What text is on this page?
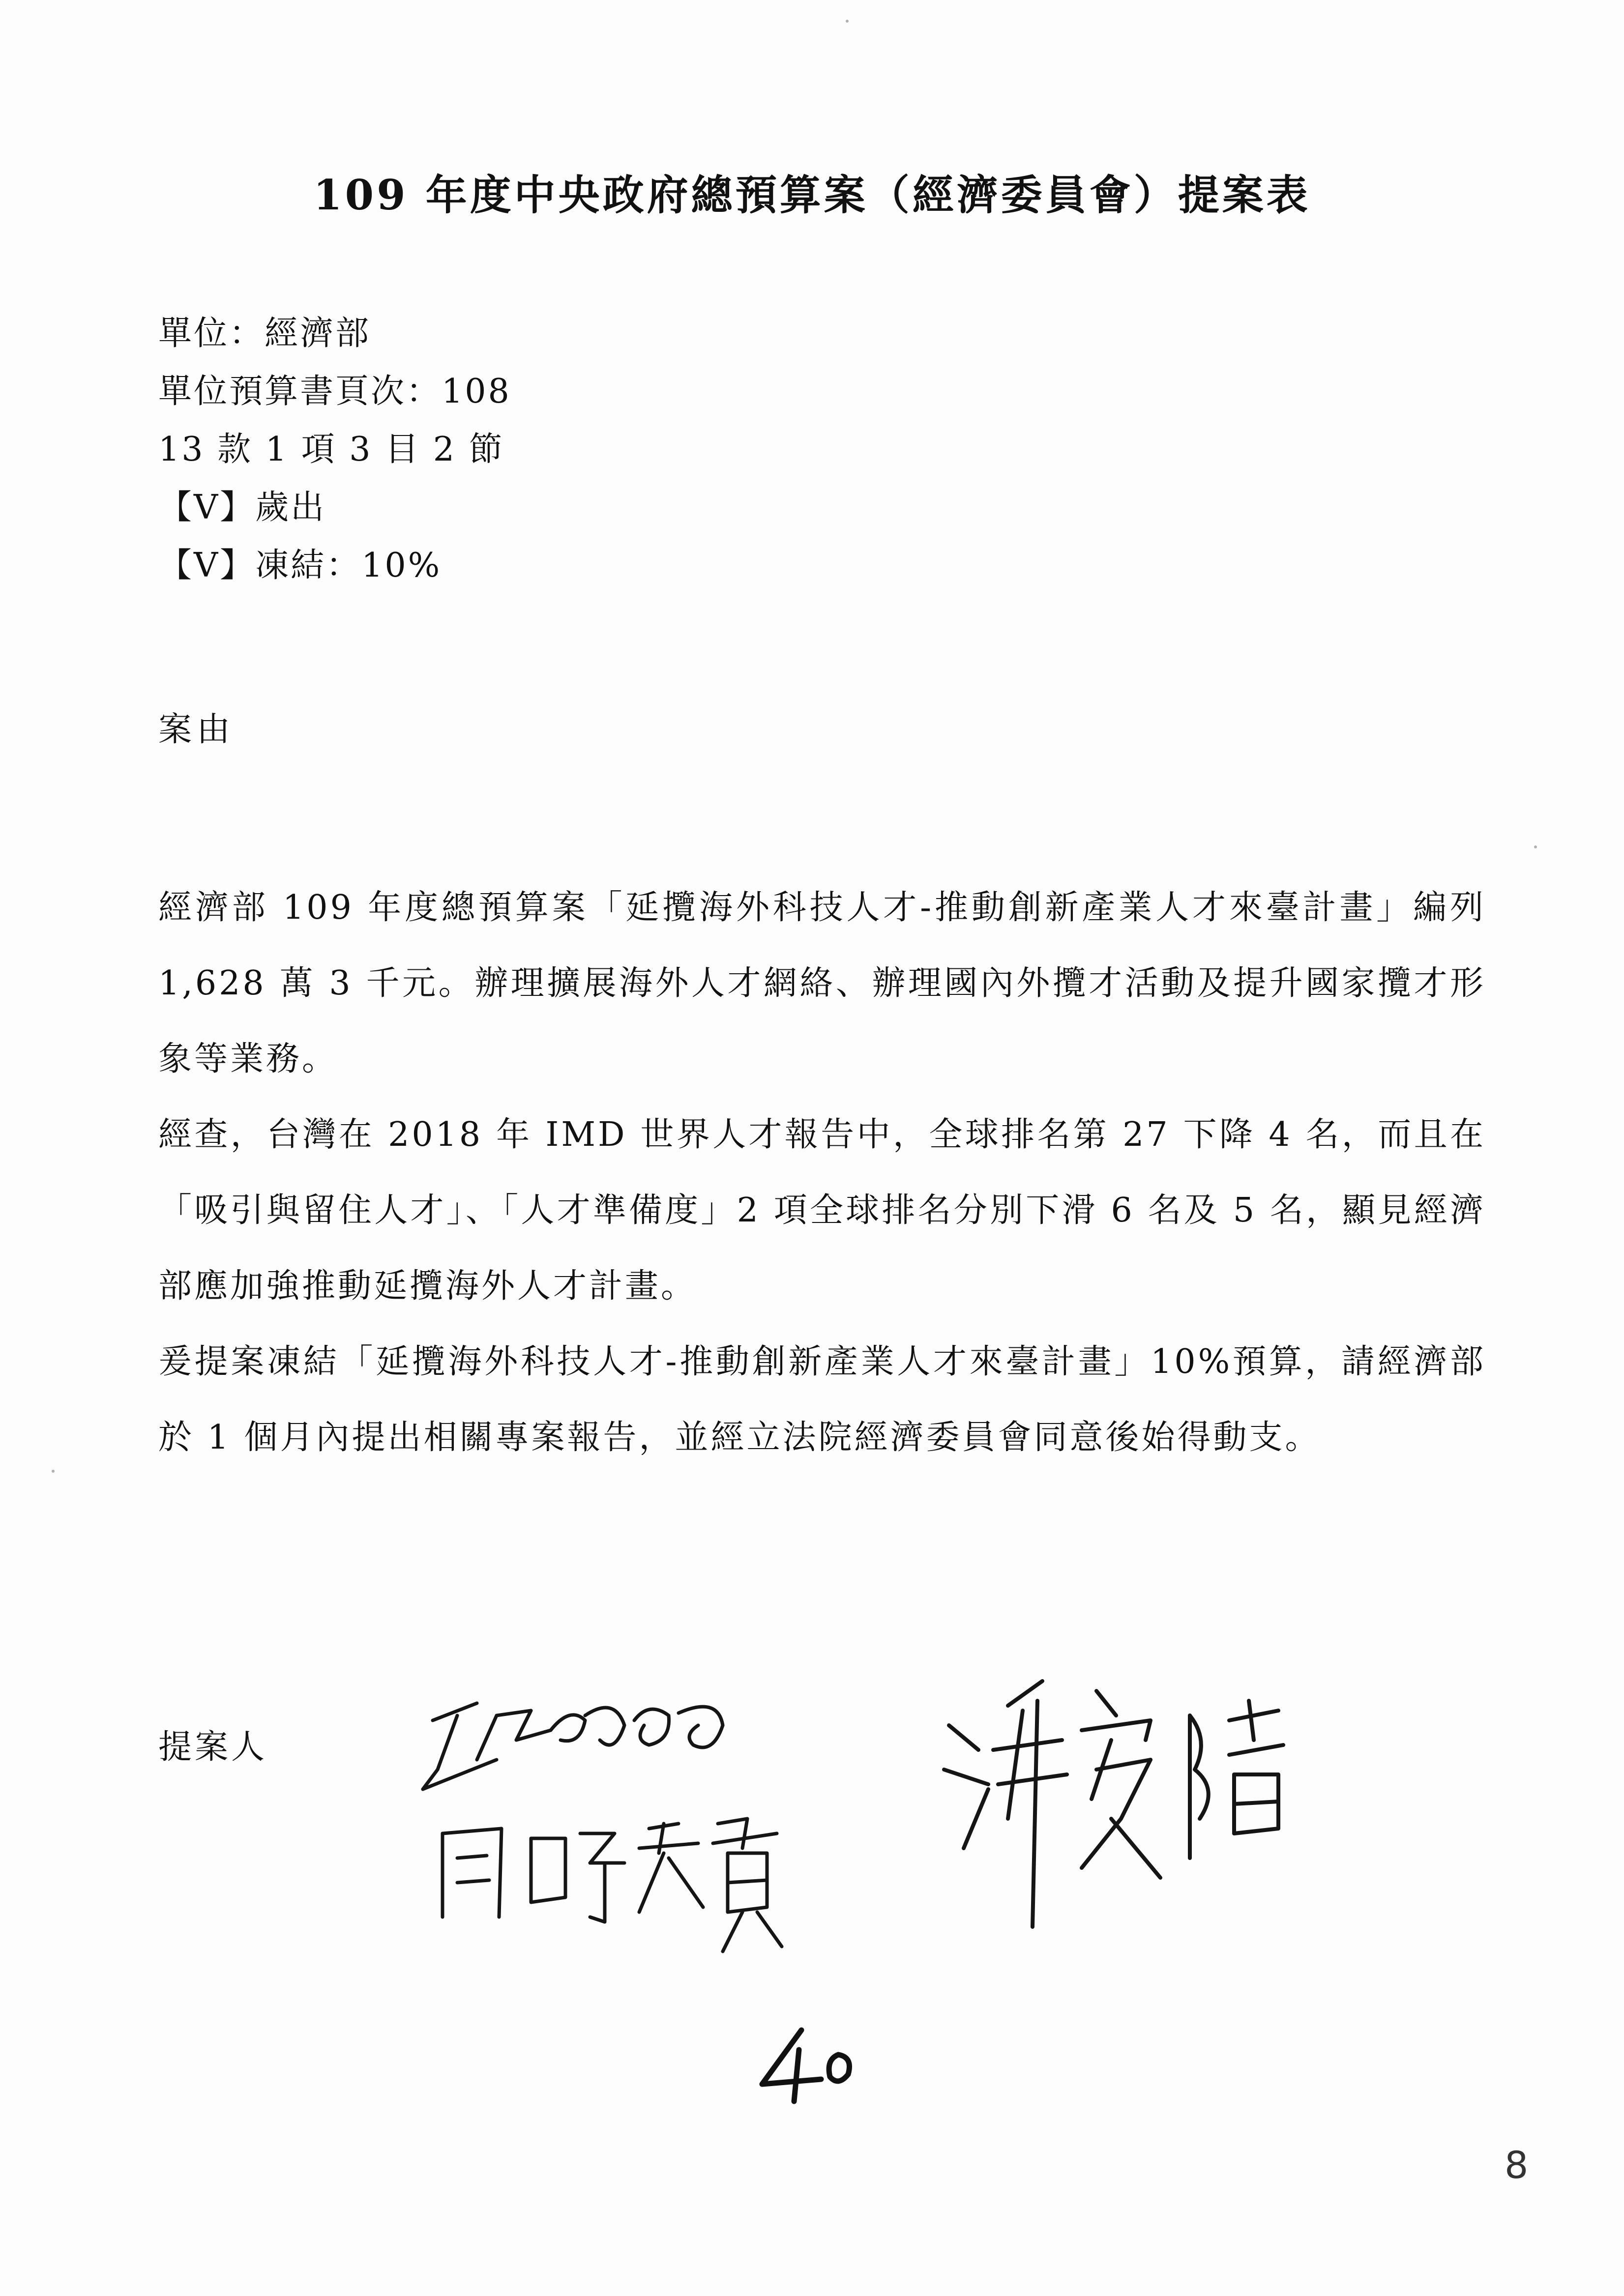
109 年度中央政府總預算案（經濟委員會）提案表
單位：經濟部
單位預算書頁次：108
13 款 1 項 3 目 2 節
【V】歲出
【V】凍結：10%
案由

經濟部 109 年度總預算案「延攬海外科技人才-推動創新產業人才來臺計畫」編列 1,628 萬 3 千元。辦理擴展海外人才網絡、辦理國內外攬才活動及提升國家攬才形象等業務。

經查，台灣在 2018 年 IMD 世界人才報告中，全球排名第 27 下降 4 名，而且在「吸引與留住人才」、「人才準備度」2 項全球排名分別下滑 6 名及 5 名，顯見經濟部應加強推動延攬海外人才計畫。

爰提案凍結「延攬海外科技人才-推動創新產業人才來臺計畫」10%預算，請經濟部於 1 個月內提出相關專案報告，並經立法院經濟委員會同意後始得動支。

提案人
8
